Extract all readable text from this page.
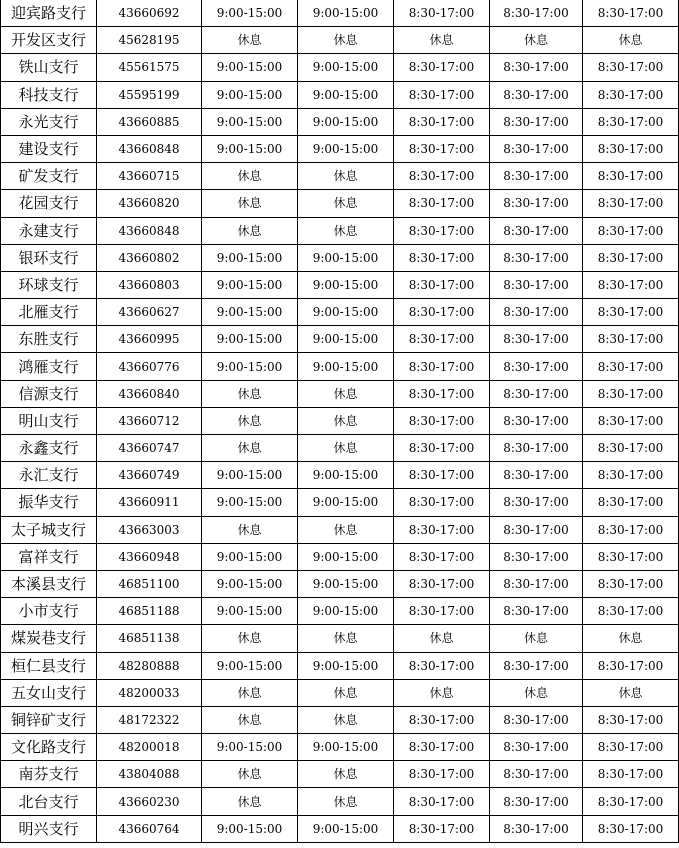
迎宾路支行	43660692	9:00-15:00	9:00-15:00	8:30-17:00	8:30-17:00	8:30-17:00
开发区支行	45628195	休息	休息	休息	休息	休息
铁山支行	45561575	9:00-15:00	9:00-15:00	8:30-17:00	8:30-17:00	8:30-17:00
科技支行	45595199	9:00-15:00	9:00-15:00	8:30-17:00	8:30-17:00	8:30-17:00
永光支行	43660885	9:00-15:00	9:00-15:00	8:30-17:00	8:30-17:00	8:30-17:00
建设支行	43660848	9:00-15:00	9:00-15:00	8:30-17:00	8:30-17:00	8:30-17:00
矿发支行	43660715	休息	休息	8:30-17:00	8:30-17:00	8:30-17:00
花园支行	43660820	休息	休息	8:30-17:00	8:30-17:00	8:30-17:00
永建支行	43660848	休息	休息	8:30-17:00	8:30-17:00	8:30-17:00
银环支行	43660802	9:00-15:00	9:00-15:00	8:30-17:00	8:30-17:00	8:30-17:00
环球支行	43660803	9:00-15:00	9:00-15:00	8:30-17:00	8:30-17:00	8:30-17:00
北雁支行	43660627	9:00-15:00	9:00-15:00	8:30-17:00	8:30-17:00	8:30-17:00
东胜支行	43660995	9:00-15:00	9:00-15:00	8:30-17:00	8:30-17:00	8:30-17:00
鸿雁支行	43660776	9:00-15:00	9:00-15:00	8:30-17:00	8:30-17:00	8:30-17:00
信源支行	43660840	休息	休息	8:30-17:00	8:30-17:00	8:30-17:00
明山支行	43660712	休息	休息	8:30-17:00	8:30-17:00	8:30-17:00
永鑫支行	43660747	休息	休息	8:30-17:00	8:30-17:00	8:30-17:00
永汇支行	43660749	9:00-15:00	9:00-15:00	8:30-17:00	8:30-17:00	8:30-17:00
振华支行	43660911	9:00-15:00	9:00-15:00	8:30-17:00	8:30-17:00	8:30-17:00
太子城支行	43663003	休息	休息	8:30-17:00	8:30-17:00	8:30-17:00
富祥支行	43660948	9:00-15:00	9:00-15:00	8:30-17:00	8:30-17:00	8:30-17:00
本溪县支行	46851100	9:00-15:00	9:00-15:00	8:30-17:00	8:30-17:00	8:30-17:00
小市支行	46851188	9:00-15:00	9:00-15:00	8:30-17:00	8:30-17:00	8:30-17:00
煤炭巷支行	46851138	休息	休息	休息	休息	休息
桓仁县支行	48280888	9:00-15:00	9:00-15:00	8:30-17:00	8:30-17:00	8:30-17:00
五女山支行	48200033	休息	休息	休息	休息	休息
铜锌矿支行	48172322	休息	休息	8:30-17:00	8:30-17:00	8:30-17:00
文化路支行	48200018	9:00-15:00	9:00-15:00	8:30-17:00	8:30-17:00	8:30-17:00
南芬支行	43804088	休息	休息	8:30-17:00	8:30-17:00	8:30-17:00
北台支行	43660230	休息	休息	8:30-17:00	8:30-17:00	8:30-17:00
明兴支行	43660764	9:00-15:00	9:00-15:00	8:30-17:00	8:30-17:00	8:30-17:00
